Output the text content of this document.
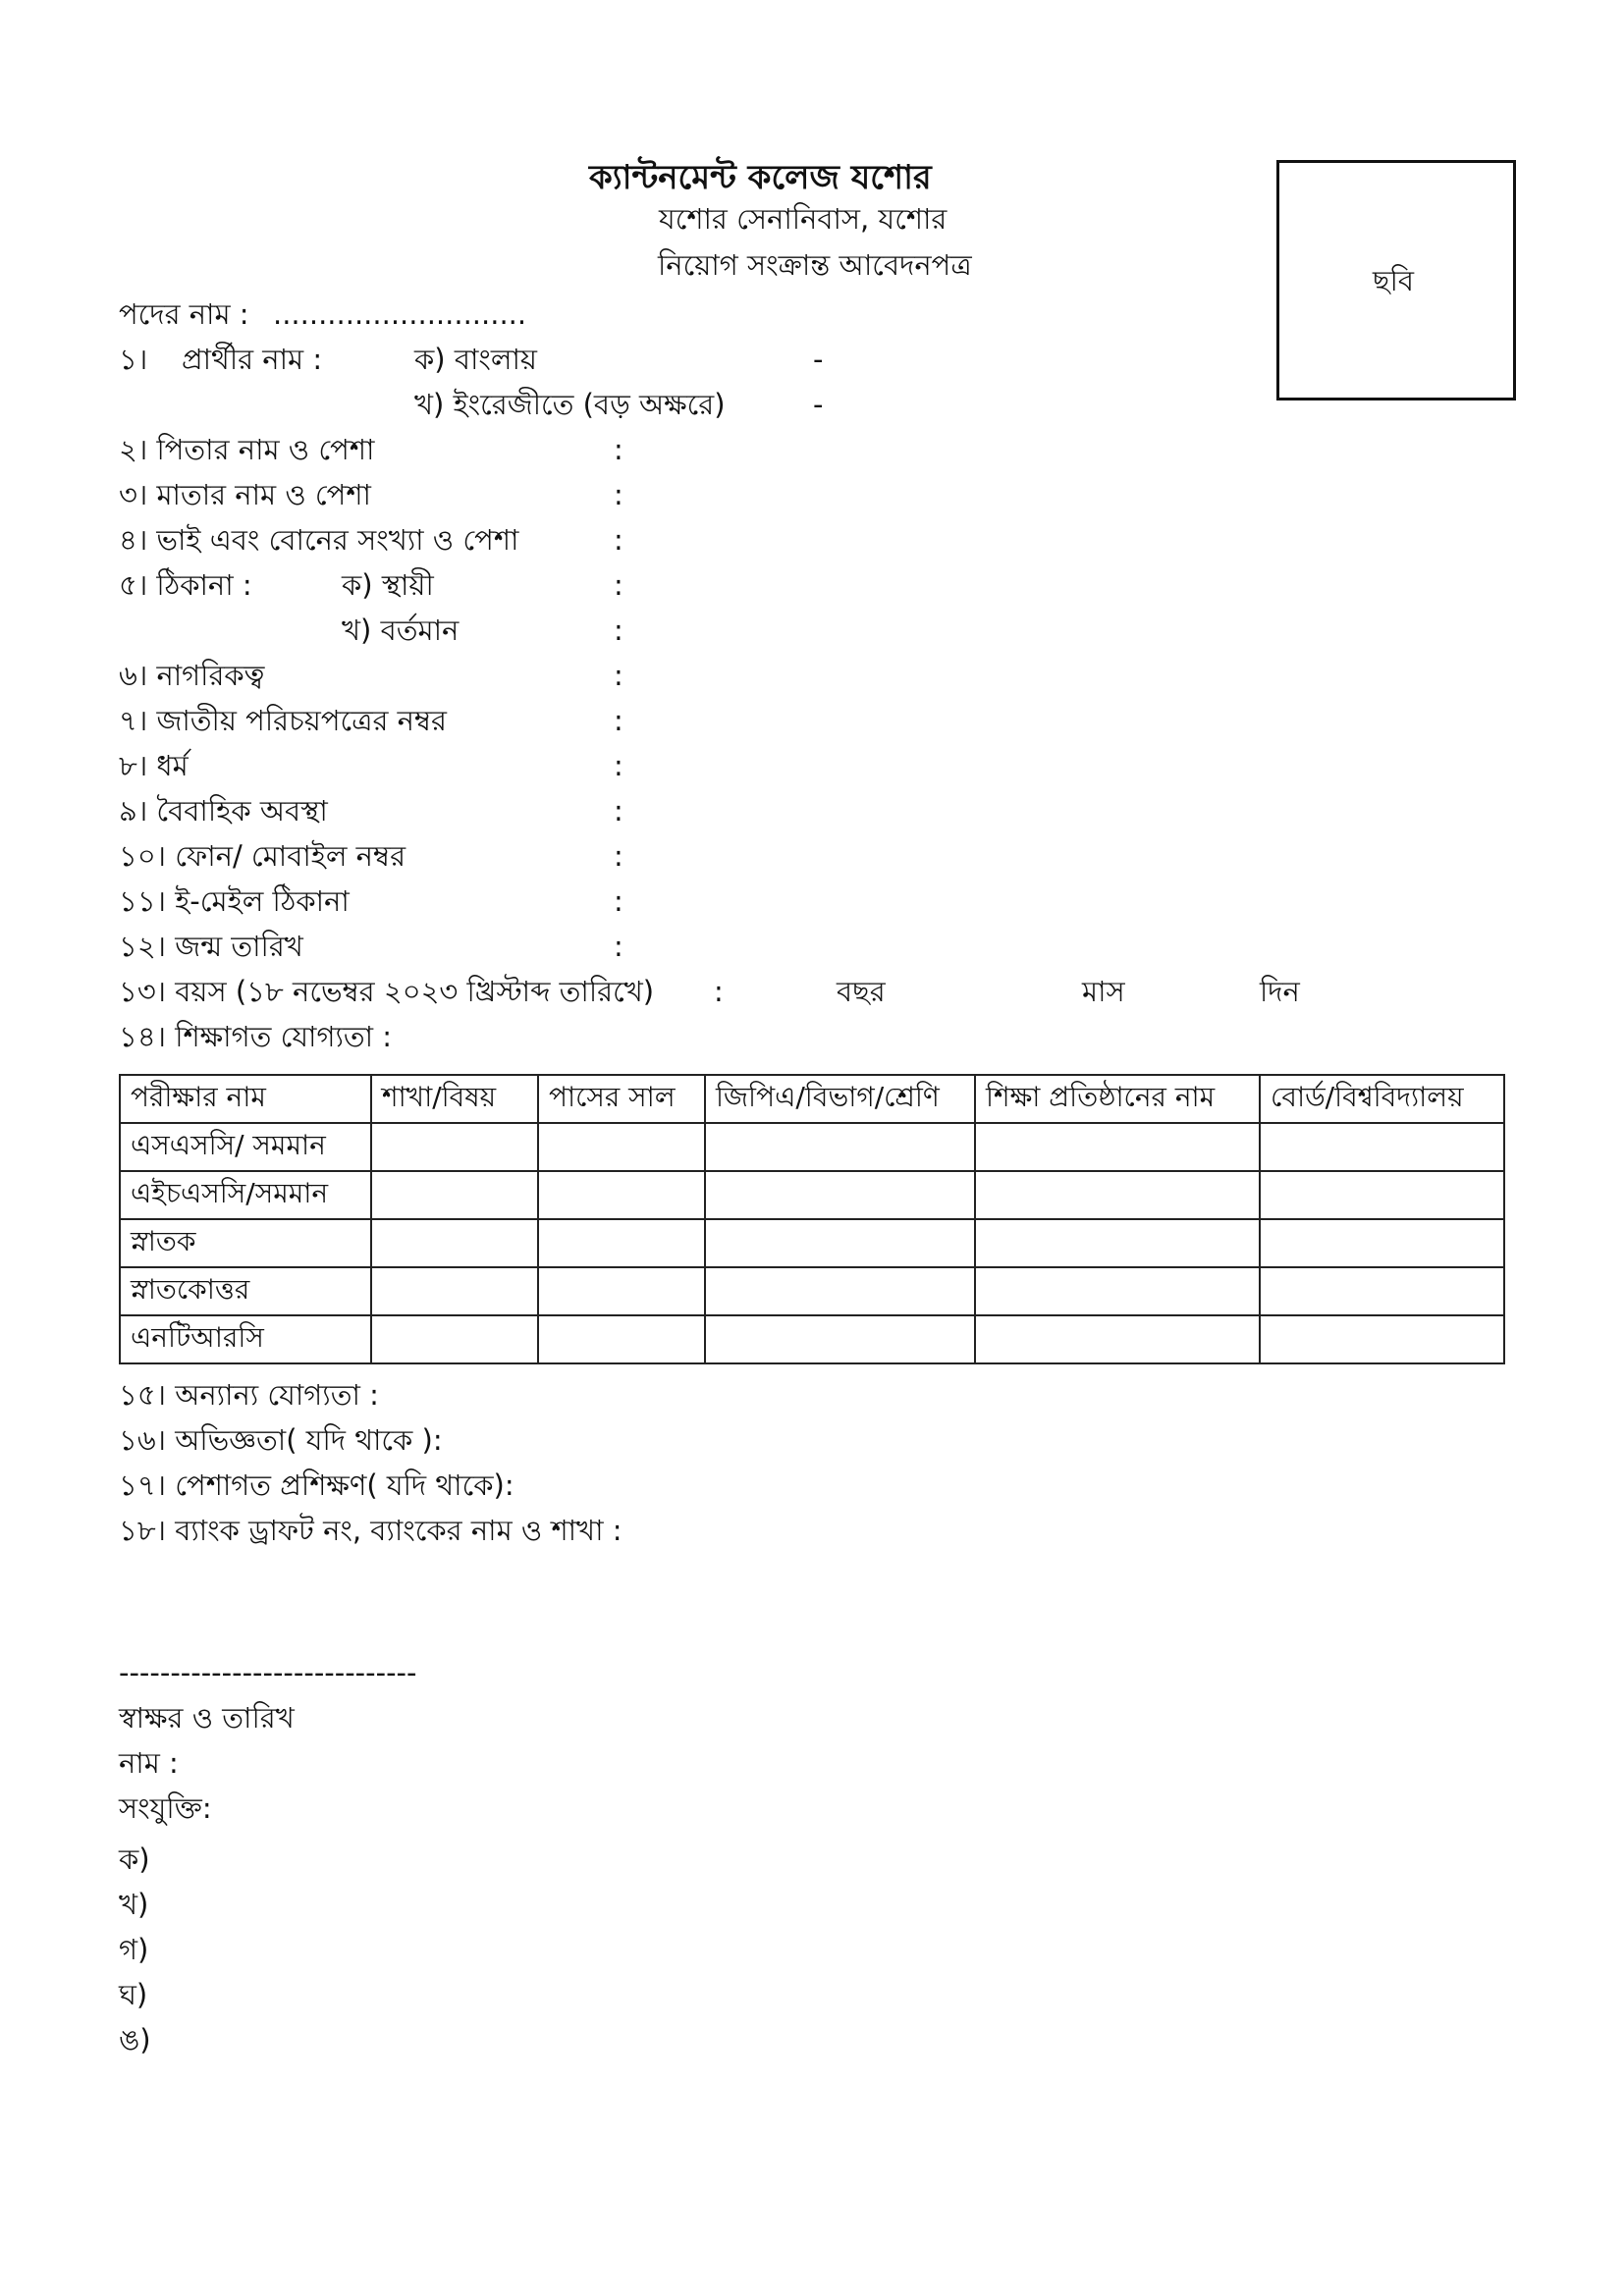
ক্যান্টনমেন্ট কলেজ যশোর
যশোর সেনানিবাস, যশোর
নিয়োগ সংক্রান্ত আবেদনপত্র	ছবি
পদের নাম : ............................
১। প্রার্থীর নাম :	ক) বাংলায়	-
খ) ইংরেজীতে (বড় অক্ষরে)	-
২। পিতার নাম ও পেশা	:
৩। মাতার নাম ও পেশা	:
৪। ভাই এবং বোনের সংখ্যা ও পেশা	:
৫। ঠিকানা :	ক) স্থায়ী	:
খ) বর্তমান	:
৬। নাগরিকত্ব	:
৭। জাতীয় পরিচয়পত্রের নম্বর	:
৮। ধর্ম	:
৯। বৈবাহিক অবস্থা	:
১০। ফোন/ মোবাইল নম্বর	:
১১। ই-মেইল ঠিকানা	:
১২। জন্ম তারিখ	:
১৩। বয়স (১৮ নভেম্বর ২০২৩ খ্রিস্টাব্দ তারিখে) :	বছর	মাস	দিন
১৪। শিক্ষাগত যোগ্যতা :
পরীক্ষার নাম	শাখা/বিষয়	পাসের সাল	জিপিএ/বিভাগ/শ্রেণি	শিক্ষা প্রতিষ্ঠানের নাম	বোর্ড/বিশ্ববিদ্যালয়
এসএসসি/ সমমান					
এইচএসসি/সমমান					
স্নাতক					
স্নাতকোত্তর					
এনটিআরসি					
১৫। অন্যান্য যোগ্যতা :
১৬। অভিজ্ঞতা( যদি থাকে ):
১৭। পেশাগত প্রশিক্ষণ( যদি থাকে):
১৮। ব্যাংক ড্রাফট নং, ব্যাংকের নাম ও শাখা :
-----------------------------
স্বাক্ষর ও তারিখ
নাম :
সংযুক্তি:
ক)
খ)
গ)
ঘ)
ঙ)
